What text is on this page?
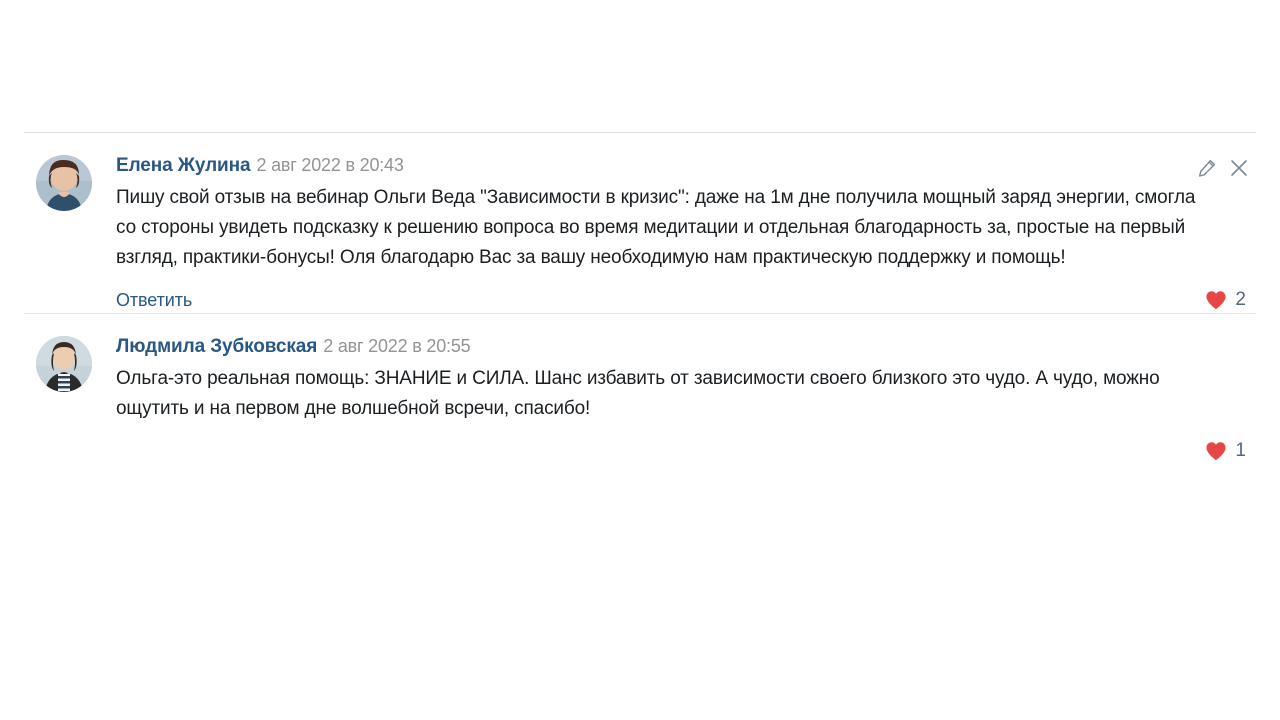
Елена Жулина 2 авг 2022 в 20:43
Пишу свой отзыв на вебинар Ольги Веда "Зависимости в кризис": даже на 1м дне получила мощный заряд энергии, смогла со стороны увидеть подсказку к решению вопроса во время медитации и отдельная благодарность за, простые на первый взгляд, практики-бонусы! Оля благодарю Вас за вашу необходимую нам практическую поддержку и помощь!
Ответить	2
Людмила Зубковская 2 авг 2022 в 20:55
Ольга-это реальная помощь: ЗНАНИЕ и СИЛА. Шанс избавить от зависимости своего близкого это чудо. А чудо, можно ощутить и на первом дне волшебной всречи, спасибо!
1
